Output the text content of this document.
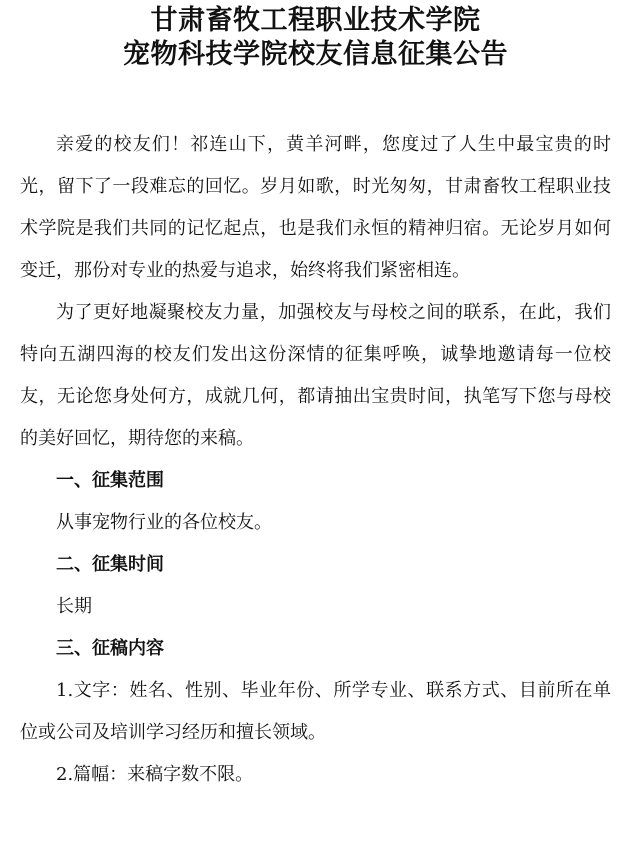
甘肃畜牧工程职业技术学院
宠物科技学院校友信息征集公告

亲爱的校友们！祁连山下，黄羊河畔，您度过了人生中最宝贵的时光，留下了一段难忘的回忆。岁月如歌，时光匆匆，甘肃畜牧工程职业技术学院是我们共同的记忆起点，也是我们永恒的精神归宿。无论岁月如何变迁，那份对专业的热爱与追求，始终将我们紧密相连。

为了更好地凝聚校友力量，加强校友与母校之间的联系，在此，我们特向五湖四海的校友们发出这份深情的征集呼唤，诚挚地邀请每一位校友，无论您身处何方，成就几何，都请抽出宝贵时间，执笔写下您与母校的美好回忆，期待您的来稿。

一、征集范围

从事宠物行业的各位校友。

二、征集时间

长期

三、征稿内容

1.文字：姓名、性别、毕业年份、所学专业、联系方式、目前所在单位或公司及培训学习经历和擅长领域。

2.篇幅：来稿字数不限。
